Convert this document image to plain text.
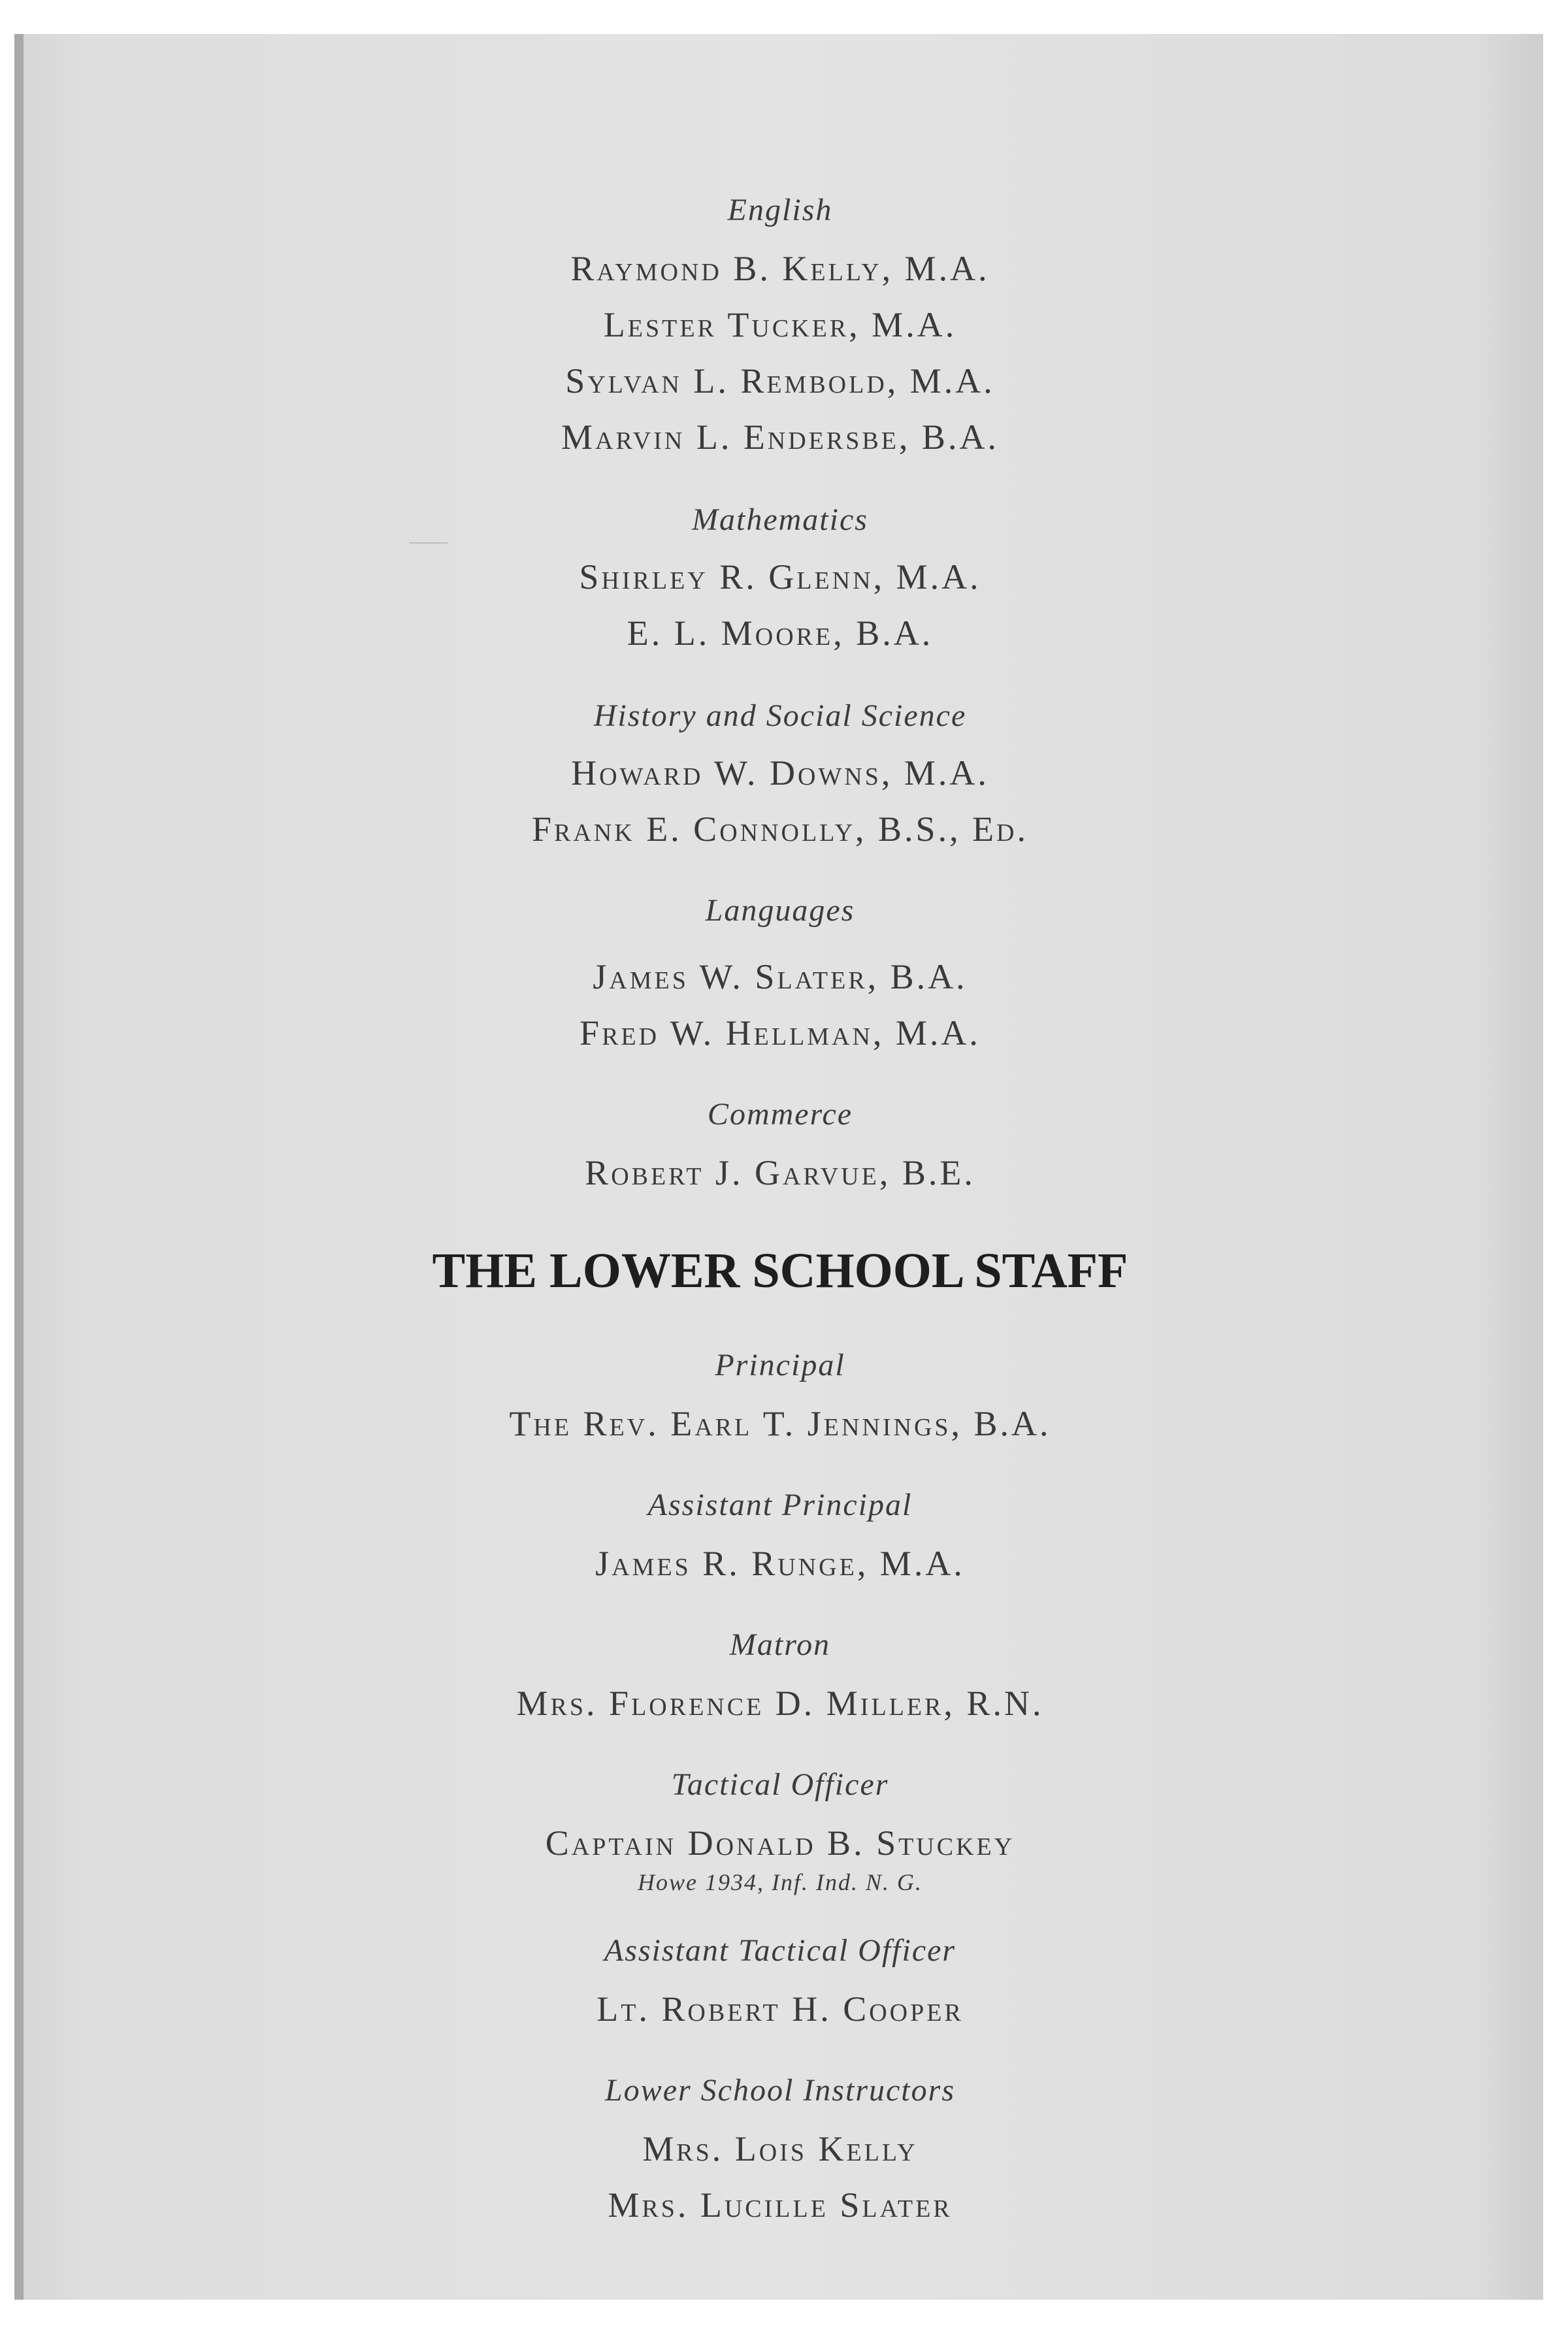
English
Raymond B. Kelly, M.A.
Lester Tucker, M.A.
Sylvan L. Rembold, M.A.
Marvin L. Endersbe, B.A.
Mathematics
Shirley R. Glenn, M.A.
E. L. Moore, B.A.
History and Social Science
Howard W. Downs, M.A.
Frank E. Connolly, B.S., Ed.
Languages
James W. Slater, B.A.
Fred W. Hellman, M.A.
Commerce
Robert J. Garvue, B.E.
THE LOWER SCHOOL STAFF
Principal
The Rev. Earl T. Jennings, B.A.
Assistant Principal
James R. Runge, M.A.
Matron
Mrs. Florence D. Miller, R.N.
Tactical Officer
Captain Donald B. Stuckey
Howe 1934, Inf. Ind. N. G.
Assistant Tactical Officer
Lt. Robert H. Cooper
Lower School Instructors
Mrs. Lois Kelly
Mrs. Lucille Slater
